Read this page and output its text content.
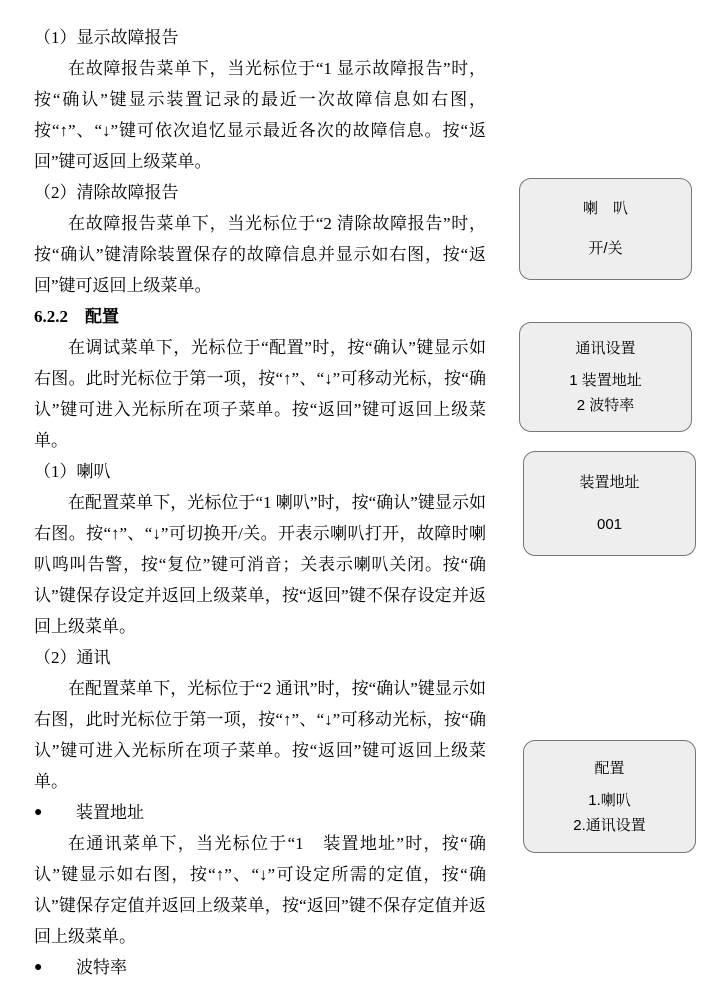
（1）显示故障报告

在故障报告菜单下，当光标位于“1 显示故障报告”时，按“确认”键显示装置记录的最近一次故障信息如右图，按“↑”、“↓”键可依次追忆显示最近各次的故障信息。按“返回”键可返回上级菜单。

（2）清除故障报告

在故障报告菜单下，当光标位于“2 清除故障报告”时，按“确认”键清除装置保存的故障信息并显示如右图，按“返回”键可返回上级菜单。

6.2.2　配置

在调试菜单下，光标位于“配置”时，按“确认”键显示如右图。此时光标位于第一项，按“↑”、“↓”可移动光标，按“确认”键可进入光标所在项子菜单。按“返回”键可返回上级菜单。

（1）喇叭

在配置菜单下，光标位于“1 喇叭”时，按“确认”键显示如右图。按“↑”、“↓”可切换开/关。开表示喇叭打开，故障时喇叭鸣叫告警，按“复位”键可消音；关表示喇叭关闭。按“确认”键保存设定并返回上级菜单，按“返回”键不保存设定并返回上级菜单。

（2）通讯

在配置菜单下，光标位于“2 通讯”时，按“确认”键显示如右图，此时光标位于第一项，按“↑”、“↓”可移动光标，按“确认”键可进入光标所在项子菜单。按“返回”键可返回上级菜单。

● 装置地址

在通讯菜单下，当光标位于“1　装置地址”时，按“确认”键显示如右图，按“↑”、“↓”可设定所需的定值，按“确认”键保存定值并返回上级菜单，按“返回”键不保存定值并返回上级菜单。

● 波特率

喇　叭
开/关
通讯设置
1 装置地址
2 波特率
装置地址
001
配置
1.喇叭
2.通讯设置
